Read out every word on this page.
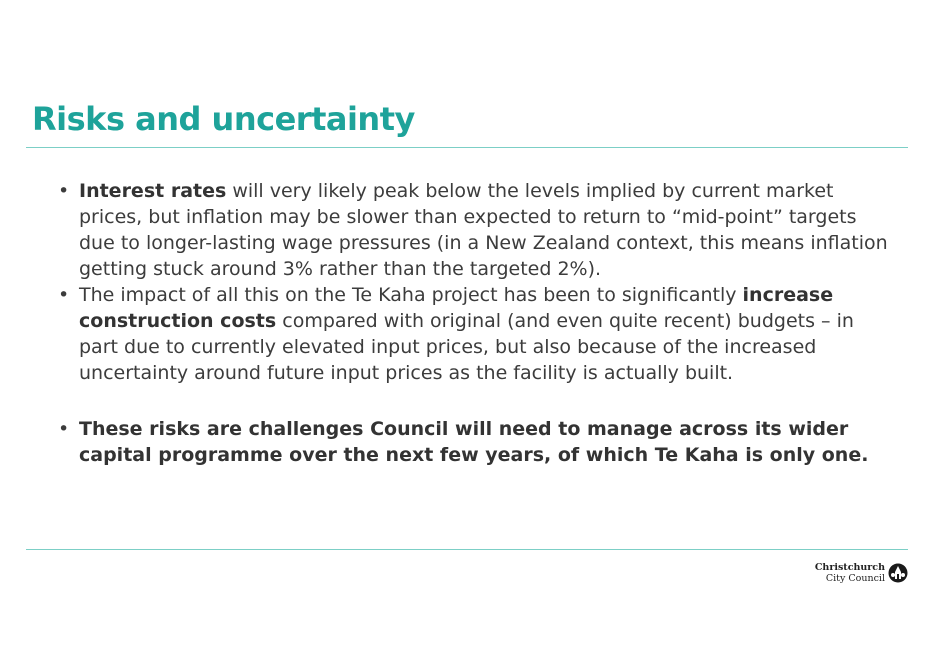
Risks and uncertainty
• Interest rates will very likely peak below the levels implied by current market prices, but inflation may be slower than expected to return to “mid-point” targets due to longer-lasting wage pressures (in a New Zealand context, this means inflation getting stuck around 3% rather than the targeted 2%).
• The impact of all this on the Te Kaha project has been to significantly increase construction costs compared with original (and even quite recent) budgets – in part due to currently elevated input prices, but also because of the increased uncertainty around future input prices as the facility is actually built.
• These risks are challenges Council will need to manage across its wider capital programme over the next few years, of which Te Kaha is only one.
Christchurch
City Council
